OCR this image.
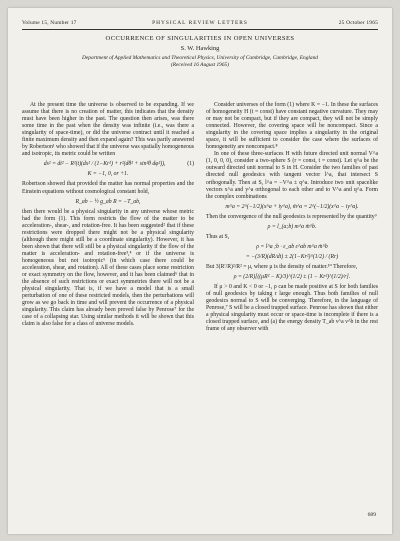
Volume 15, Number 17	PHYSICAL REVIEW LETTERS	25 October 1965
OCCURRENCE OF SINGULARITIES IN OPEN UNIVERSES
S. W. Hawking
Department of Applied Mathematics and Theoretical Physics, University of Cambridge, Cambridge, England
(Received 16 August 1965)

At the present time the universe is observed to be expanding. If we assume that there is no creation of matter, this indicates that the density must have been higher in the past. The question then arises, was there some time in the past when the density was infinite (i.e., was there a singularity of space-time), or did the universe contract until it reached a finite maximum density and then expand again? This was partly answered by Robertson¹ who showed that if the universe was spatially homogeneous and isotropic, its metric could be written

ds² = dt² − R²(t)(dx² / (1−Kr²) + r²(dθ² + sin²θ dφ²)),	(1)
K = −1, 0, or +1.

Robertson showed that provided the matter has normal properties and the Einstein equations without cosmological constant hold,

R_ab − ½ g_ab R = −T_ab,

then there would be a physical singularity in any universe whose metric had the form (1). This form restricts the flow of the matter to be acceleration-, shear-, and rotation-free. It has been suggested² that if these restrictions were dropped there might not be a physical singularity (although there might still be a coordinate singularity). However, it has been shown that there will still be a physical singularity if the flow of the matter is acceleration- and rotation-free³,⁴ or if the universe is homogeneous but not isotropic⁵ (in which case there could be acceleration, shear, and rotation). All of these cases place some restriction or exact symmetry on the flow, however, and it has been claimed⁶ that in the absence of such restrictions or exact symmetries there will not be a physical singularity. That is, if we have a model that is a small perturbation of one of these restricted models, then the perturbations will grow as we go back in time and will prevent the occurrence of a physical singularity. This claim has already been proved false by Penrose⁷ for the case of a collapsing star. Using similar methods it will be shown that this claim is also false for a class of universe models.

Consider universes of the form (1) where K = −1. In these the surfaces of homogeneity H (t = const) have constant negative curvature. They may or may not be compact, but if they are compact, they will not be simply connected. However, the covering space will be noncompact. Since a singularity in the covering space implies a singularity in the original space, it will be sufficient to consider the case where the surfaces of homogeneity are noncompact.⁸

In one of these three-surfaces H with future directed unit normal V^a (1, 0, 0, 0), consider a two-sphere S (r = const, t = const). Let q^a be the outward directed unit normal to S in H. Consider the two families of past directed null geodesics with tangent vector l^a, that intersect S orthogonally. Then at S, l^a = −V^a ± q^a. Introduce two unit spacelike vectors x^a and y^a orthogonal to each other and to V^a and q^a. Form the complex combinations

m^a = 2^(−1/2)(x^a + iy^a), m̄^a = 2^(−1/2)(x^a − iy^a).

Then the convergence of the null geodesics is represented by the quantity⁹

ρ = l_(a;b) m^a m̄^b.

Thus at S,

ρ = l^a ;b · ε_ab ε^ab m^a m̄^b
= −(3/R)(dR/dt) ± 2(1−Kr²)^(1/2) / (Rr)

But 3(R′/R)²/R² = μ, where μ is the density of matter.¹⁰ Therefore,

ρ = (2/R)[((μR² − K)/3)^(1/2) ± (1 − Kr²)^(1/2)/r].

If μ > 0 and K < 0 or −1, ρ can be made positive at S for both families of null geodesics by taking r large enough. Thus both families of null geodesics normal to S will be converging. Therefore, in the language of Penrose,⁷ S will be a closed trapped surface. Penrose has shown that either a physical singularity must occur or space-time is incomplete if there is a closed trapped surface, and (a) the energy density T_ab ν^a ν^b in the rest frame of any observer with

689
